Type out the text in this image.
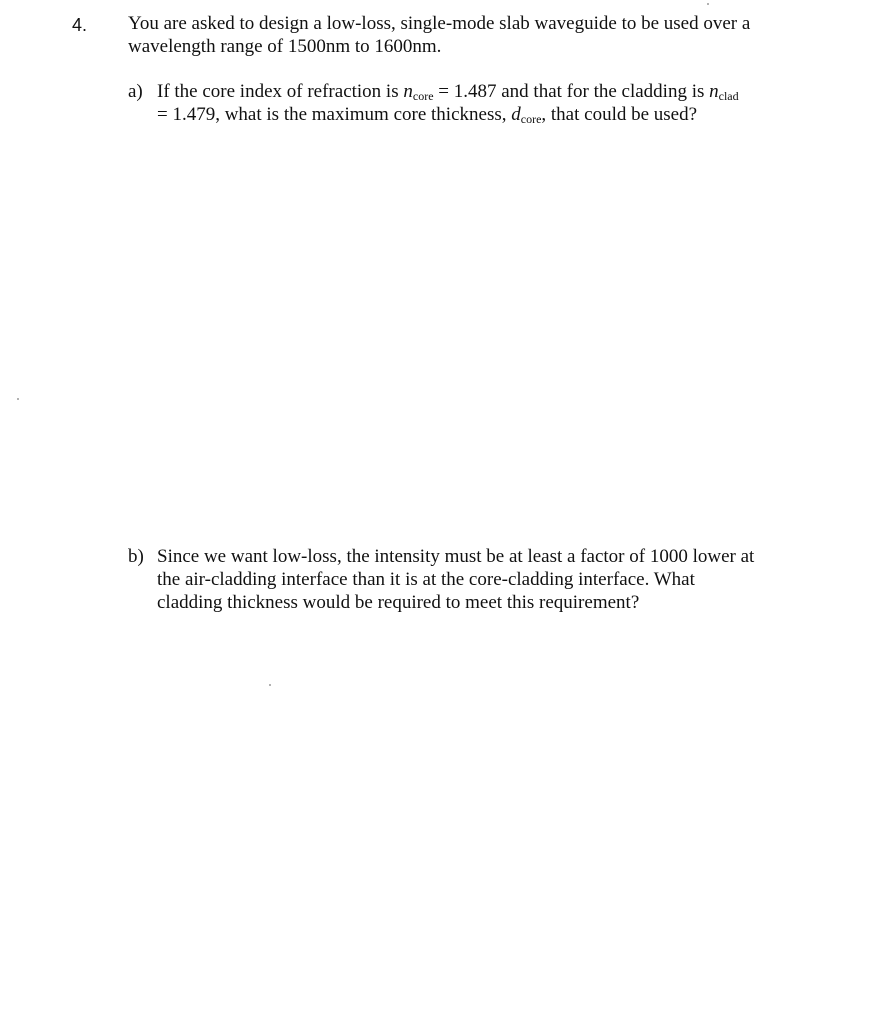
4. You are asked to design a low-loss, single-mode slab waveguide to be used over a

wavelength range of 1500nm to 1600nm.

a) If the core index of refraction is $n_{core} = 1.487$ and that for the cladding is $n_{clad}$

= 1.479, what is the maximum core thickness, $d_{core}$, that could be used?

b) Since we want low-loss, the intensity must be at least a factor of 1000 lower at

the air-cladding interface than it is at the core-cladding interface. What

cladding thickness would be required to meet this requirement?
